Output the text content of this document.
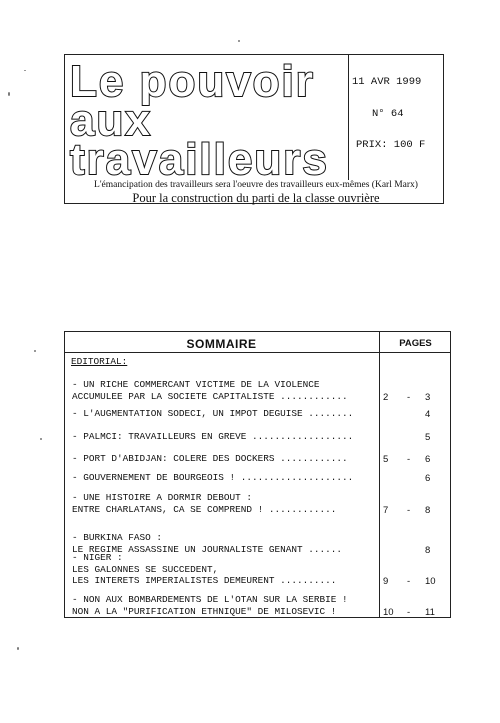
Le pouvoir
aux
travailleurs
11 AVR 1999
N° 64
PRIX: 100 F
L'émancipation des travailleurs sera l'oeuvre des travailleurs eux-mêmes (Karl Marx)
Pour la construction du parti de la classe ouvrière
SOMMAIRE	PAGES
EDITORIAL:
- UN RICHE COMMERCANT VICTIME DE LA VIOLENCE
ACCUMULEE PAR LA SOCIETE CAPITALISTE ............	2 - 3
- L'AUGMENTATION SODECI, UN IMPOT DEGUISE ........	4
- PALMCI: TRAVAILLEURS EN GREVE ..................	5
- PORT D'ABIDJAN: COLERE DES DOCKERS ............	5 - 6
- GOUVERNEMENT DE BOURGEOIS ! ....................	6
- UNE HISTOIRE A DORMIR DEBOUT :
ENTRE CHARLATANS, CA SE COMPREND ! ............	7 - 8
- BURKINA FASO :
LE REGIME ASSASSINE UN JOURNALISTE GENANT ......	8
- NIGER :
LES GALONNES SE SUCCEDENT,
LES INTERETS IMPERIALISTES DEMEURENT ..........	9 - 10
- NON AUX BOMBARDEMENTS DE L'OTAN SUR LA SERBIE !
NON A LA "PURIFICATION ETHNIQUE" DE MILOSEVIC !	10 - 11
